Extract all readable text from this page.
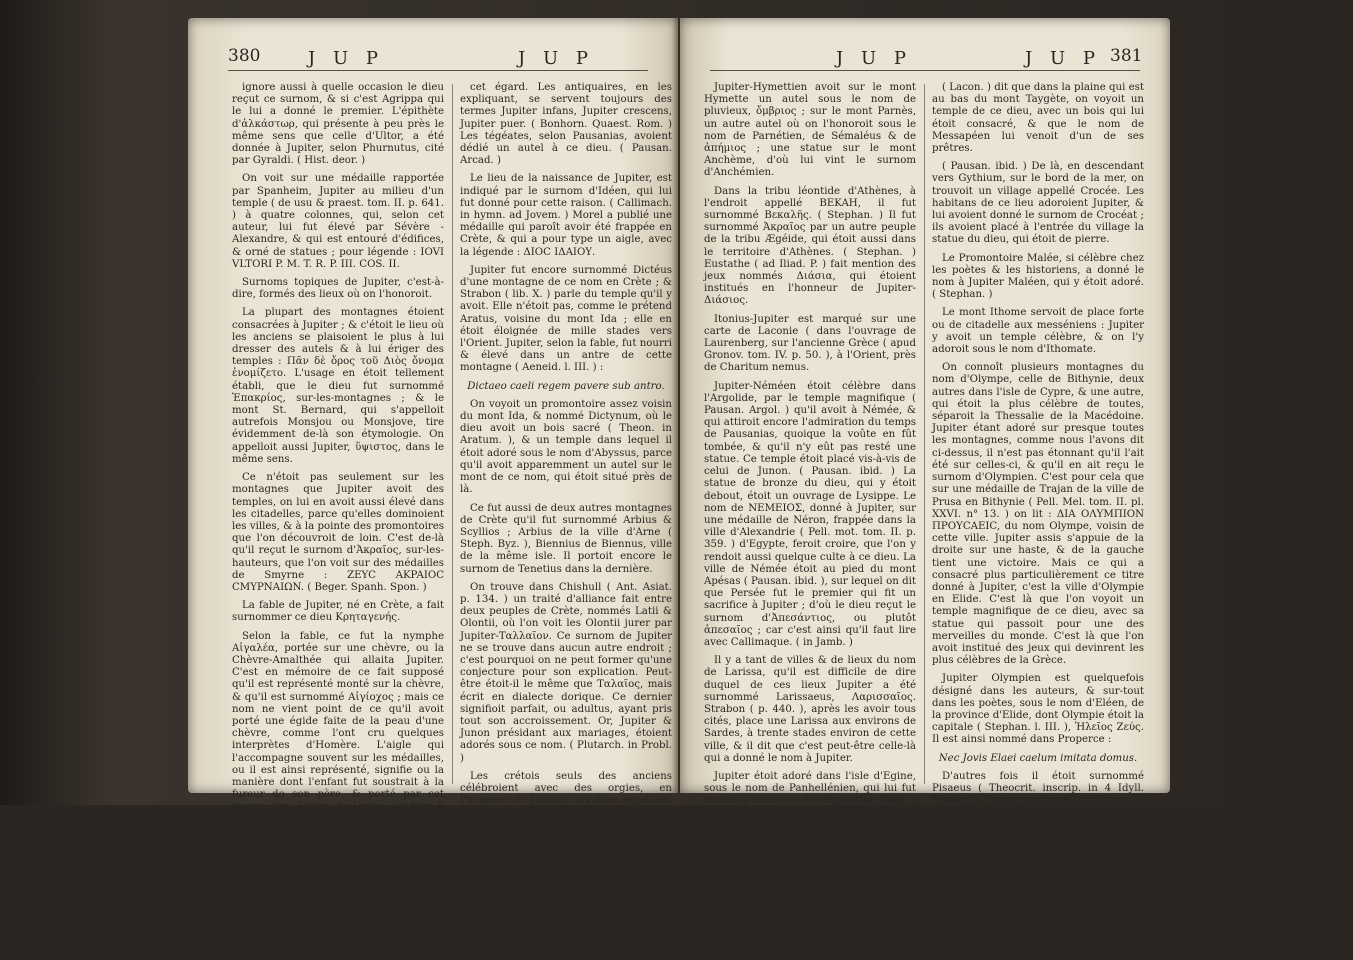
380	J U P	J U P

ignore aussi à quelle occasion le dieu reçut ce surnom, & si c'est Agrippa qui le lui a donné le premier. L'épithète d'ἀλκάστωρ, qui présente à peu près le même sens que celle d'Ultor, a été donnée à Jupiter, selon Phurnutus, cité par Gyraldi. ( Hist. deor. )

On voit sur une médaille rapportée par Spanheim, Jupiter au milieu d'un temple ( de usu & praest. tom. II. p. 641. ) à quatre colonnes, qui, selon cet auteur, lui fut élevé par Sévère - Alexandre, & qui est entouré d'édifices, & orné de statues ; pour légende : IOVI VLTORI P. M. T. R. P. III. COS. II.

Surnoms topiques de Jupiter, c'est-à-dire, formés des lieux où on l'honoroit.

La plupart des montagnes étoient consacrées à Jupiter ; & c'étoit le lieu où les anciens se plaisoient le plus à lui dresser des autels & à lui ériger des temples : Πᾶν δὲ ὄρος τοῦ Διὸς ὄνομα ἐνομίζετο. L'usage en étoit tellement établi, que le dieu fut surnommé Ἐπακρίος, sur-les-montagnes ; & le mont St. Bernard, qui s'appelloit autrefois Monsjou ou Monsjove, tire évidemment de-là son étymologie. On appelloit aussi Jupiter, ὕψιστος, dans le même sens.

Ce n'étoit pas seulement sur les montagnes que Jupiter avoit des temples, on lui en avoit aussi élevé dans les citadelles, parce qu'elles dominoient les villes, & à la pointe des promontoires que l'on découvroit de loin. C'est de-là qu'il reçut le surnom d'Ἀκραῖος, sur-les-hauteurs, que l'on voit sur des médailles de Smyrne : ZEYC AKPAIOC CMYPNAIΩN. ( Beger. Spanh. Spon. )

La fable de Jupiter, né en Crète, a fait surnommer ce dieu Κρηταγενής.

Selon la fable, ce fut la nymphe Αἰγαλέα, portée sur une chèvre, ou la Chèvre-Amalthée qui allaita Jupiter. C'est en mémoire de ce fait supposé qu'il est représenté monté sur la chèvre, & qu'il est surnommé Αἰγίοχος ; mais ce nom ne vient point de ce qu'il avoit porté une égide faite de la peau d'une chèvre, comme l'ont cru quelques interprètes d'Homère. L'aigle qui l'accompagne souvent sur les médailles, ou il est ainsi représenté, signifie ou la manière dont l'enfant fut soustrait à la fureur de son père, & porté par cet oiseau dans l'antre de Crète ; ou bien il a rapport à ce beau jeune homme, nommé Αἰετός, qui, dit-on, servit Jupiter, lorsqu'il fut élevé sur le mont Ida, & que Junon, pour cause de jalousie, changea par la suite en oiseau de son nom. Théocrite paroît avoir fait allusion à cette fable. ( Idyll. XVII. v. 51. )

Les médailles qui nous représentent Jupiter enfant, ou dans le premier état de la vie, nous fournissent la preuve du culte qu'on lui rendoit à

cet égard. Les antiquaires, en les expliquant, se servent toujours des termes Jupiter infans, Jupiter crescens, Jupiter puer. ( Bonhorn. Quaest. Rom. ) Les tégéates, selon Pausanias, avoient dédié un autel à ce dieu. ( Pausan. Arcad. )

Le lieu de la naissance de Jupiter, est indiqué par le surnom d'Idéen, qui lui fut donné pour cette raison. ( Callimach. in hymn. ad Jovem. ) Morel a publié une médaille qui paroît avoir été frappée en Crète, & qui a pour type un aigle, avec la légende : ΔΙΟC ΙΔΑΙΟΥ.

Jupiter fut encore surnommé Dictéus d'une montagne de ce nom en Crète ; & Strabon ( lib. X. ) parle du temple qu'il y avoit. Elle n'étoit pas, comme le prétend Aratus, voisine du mont Ida ; elle en étoit éloignée de mille stades vers l'Orient. Jupiter, selon la fable, fut nourri & élevé dans un antre de cette montagne ( Aeneid. l. III. ) :

Dictaeo caeli regem pavere sub antro.

On voyoit un promontoire assez voisin du mont Ida, & nommé Dictynum, où le dieu avoit un bois sacré ( Theon. in Aratum. ), & un temple dans lequel il étoit adoré sous le nom d'Abyssus, parce qu'il avoit apparemment un autel sur le mont de ce nom, qui étoit situé près de là.

Ce fut aussi de deux autres montagnes de Crète qu'il fut surnommé Arbius & Scyllios ; Arbius de la ville d'Arne ( Steph. Byz. ), Biennius de Biennus, ville de la même isle. Il portoit encore le surnom de Tenetius dans la dernière.

On trouve dans Chishull ( Ant. Asiat. p. 134. ) un traité d'alliance fait entre deux peuples de Crète, nommés Latii & Olontii, où l'on voit les Olontii jurer par Jupiter-Ταλλαῖον. Ce surnom de Jupiter ne se trouve dans aucun autre endroit ; c'est pourquoi on ne peut former qu'une conjecture pour son explication. Peut-être étoit-il le même que Ταλαῖος, mais écrit en dialecte dorique. Ce dernier signifioit parfait, ou adultus, ayant pris tout son accroissement. Or, Jupiter & Junon présidant aux mariages, étoient adorés sous ce nom. ( Plutarch. in Probl. )

Les crétois seuls des anciens célébroient avec des orgies, en l'honneur de Jupiter, des fêtes appellées Sabazia, comme celles de Bacchus ; & ils appelloient à cause de cela Jupiter Sabazius. On lit dans plusieurs inscriptions ( Gruter. 22. 5. & 22. 4. ) ce surnom, formé d'un mot barbare synonyme du mot grec εὐάζειν crier, évohé.

Outre les noms généraux donnés à Jupiter par les athéniens & rapportés plus haut, il en recevoit encore de topiques, ou locaux, dans l'Attique.

J U P	J U P 381

Jupiter-Hymettien avoit sur le mont Hymette un autel sous le nom de pluvieux, ὄμβριος ; sur le mont Parnès, un autre autel où on l'honoroit sous le nom de Parnétien, de Sémaléus & de ἀπήμιος ; une statue sur le mont Anchème, d'où lui vint le surnom d'Anchémien.

Dans la tribu léontide d'Athènes, à l'endroit appellé BEKAH, il fut surnommé Βεκαλῆς. ( Stephan. ) Il fut surnommé Ἀκραῖος par un autre peuple de la tribu Ægéide, qui étoit aussi dans le territoire d'Athènes. ( Stephan. ) Eustathe ( ad Iliad. P. ) fait mention des jeux nommés Διάσια, qui étoient institués en l'honneur de Jupiter-Διάσιος.

Itonius-Jupiter est marqué sur une carte de Laconie ( dans l'ouvrage de Laurenberg, sur l'ancienne Grèce ( apud Gronov. tom. IV. p. 50. ), à l'Orient, près de Charitum nemus.

Jupiter-Néméen étoit célèbre dans l'Argolide, par le temple magnifique ( Pausan. Argol. ) qu'il avoit à Némée, & qui attiroit encore l'admiration du temps de Pausanias, quoique la voûte en fût tombée, & qu'il n'y eût pas resté une statue. Ce temple étoit placé vis-à-vis de celui de Junon. ( Pausan. ibid. ) La statue de bronze du dieu, qui y étoit debout, étoit un ouvrage de Lysippe. Le nom de NEMEIOΣ, donné à Jupiter, sur une médaille de Néron, frappée dans la ville d'Alexandrie ( Pell. mot. tom. II. p. 359. ) d'Egypte, feroit croire, que l'on y rendoit aussi quelque culte à ce dieu. La ville de Némée étoit au pied du mont Apésas ( Pausan. ibid. ), sur lequel on dit que Persée fut le premier qui fit un sacrifice à Jupiter ; d'où le dieu reçut le surnom d'Ἀπεσάντιος, ou plutôt ἀπεσαῖος ; car c'est ainsi qu'il faut lire avec Callimaque. ( in Jamb. )

Il y a tant de villes & de lieux du nom de Larissa, qu'il est difficile de dire duquel de ces lieux Jupiter a été surnommé Larissaeus, Λαρισσαῖος. Strabon ( p. 440. ), après les avoir tous cités, place une Larissa aux environs de Sardes, à trente stades environ de cette ville, & il dit que c'est peut-être celle-là qui a donné le nom à Jupiter.

Jupiter étoit adoré dans l'isle d'Egine, sous le nom de Panhellénien, qui lui fut donné à cause de la députation faite à Eacus de la part de tous les peuples de la Grèce, & dont Pausanias raconte le sujet, selon la tradition du pays, dans ses Argoliques.

Pausanias fait mention du culte de Jupiter-Ammon en Arcadie ; & ce dieu est représenté sur plusieurs médailles de cette contrée.

En Laconie, Jupiter étoit surnommé Messapéen d'un canton de ce pays, selon Etienne. Pausanias

( Lacon. ) dit que dans la plaine qui est au bas du mont Taygète, on voyoit un temple de ce dieu, avec un bois qui lui étoit consacré, & que le nom de Messapéen lui venoit d'un de ses prêtres.

( Pausan. ibid. ) De là, en descendant vers Gythium, sur le bord de la mer, on trouvoit un village appellé Crocée. Les habitans de ce lieu adoroient Jupiter, & lui avoient donné le surnom de Crocéat ; ils avoient placé à l'entrée du village la statue du dieu, qui étoit de pierre.

Le Promontoire Malée, si célèbre chez les poètes & les historiens, a donné le nom à Jupiter Maléen, qui y étoit adoré. ( Stephan. )

Le mont Ithome servoit de place forte ou de citadelle aux messéniens : Jupiter y avoit un temple célèbre, & on l'y adoroit sous le nom d'Ithomate.

On connoît plusieurs montagnes du nom d'Olympe, celle de Bithynie, deux autres dans l'isle de Cypre, & une autre, qui étoit la plus célèbre de toutes, séparoit la Thessalie de la Macédoine. Jupiter étant adoré sur presque toutes les montagnes, comme nous l'avons dit ci-dessus, il n'est pas étonnant qu'il l'ait été sur celles-ci, & qu'il en ait reçu le surnom d'Olympien. C'est pour cela que sur une médaille de Trajan de la ville de Prusa en Bithynie ( Pell. Mel. tom. II. pl. XXVI. n° 13. ) on lit : ΔΙΑ ΟΛΥΜΠΙΟΝ ΠΡΟΥCΑΕΙC, du nom Olympe, voisin de cette ville. Jupiter assis s'appuie de la droite sur une haste, & de la gauche tient une victoire. Mais ce qui a consacré plus particulièrement ce titre donné à Jupiter, c'est la ville d'Olympie en Elide. C'est là que l'on voyoit un temple magnifique de ce dieu, avec sa statue qui passoit pour une des merveilles du monde. C'est là que l'on avoit institué des jeux qui devinrent les plus célèbres de la Grèce.

Jupiter Olympien est quelquefois désigné dans les auteurs, & sur-tout dans les poètes, sous le nom d'Eléen, de la province d'Elide, dont Olympie étoit la capitale ( Stephan. l. III. ), Ἠλεῖος Ζεύς. Il est ainsi nommé dans Properce :

Nec Jovis Elaei caelum imitata domus.

D'autres fois il étoit surnommé Pisaeus ( Theocrit. inscrip. in 4 Idyll. Pindar. & Pindar comment. in Olymp. ), ou Pisaeus de l'ancien nom de la ville d'Olympie, qui s'appelloit Pisa. Strabon parle de l'oracle de ce dieu.

Diodore de Sicile ( lib. V. ) nous apprend que ce n'étoit pas seulement dans la Triphylie, contrée de l'Elide, que l'on adoroit Jupiter-Triphylien ; mais qu'il y avoit aussi dans l'Arabie heureuse une montagne sur laquelle on voyoit un temple de Jupiter avec ce surnom.
